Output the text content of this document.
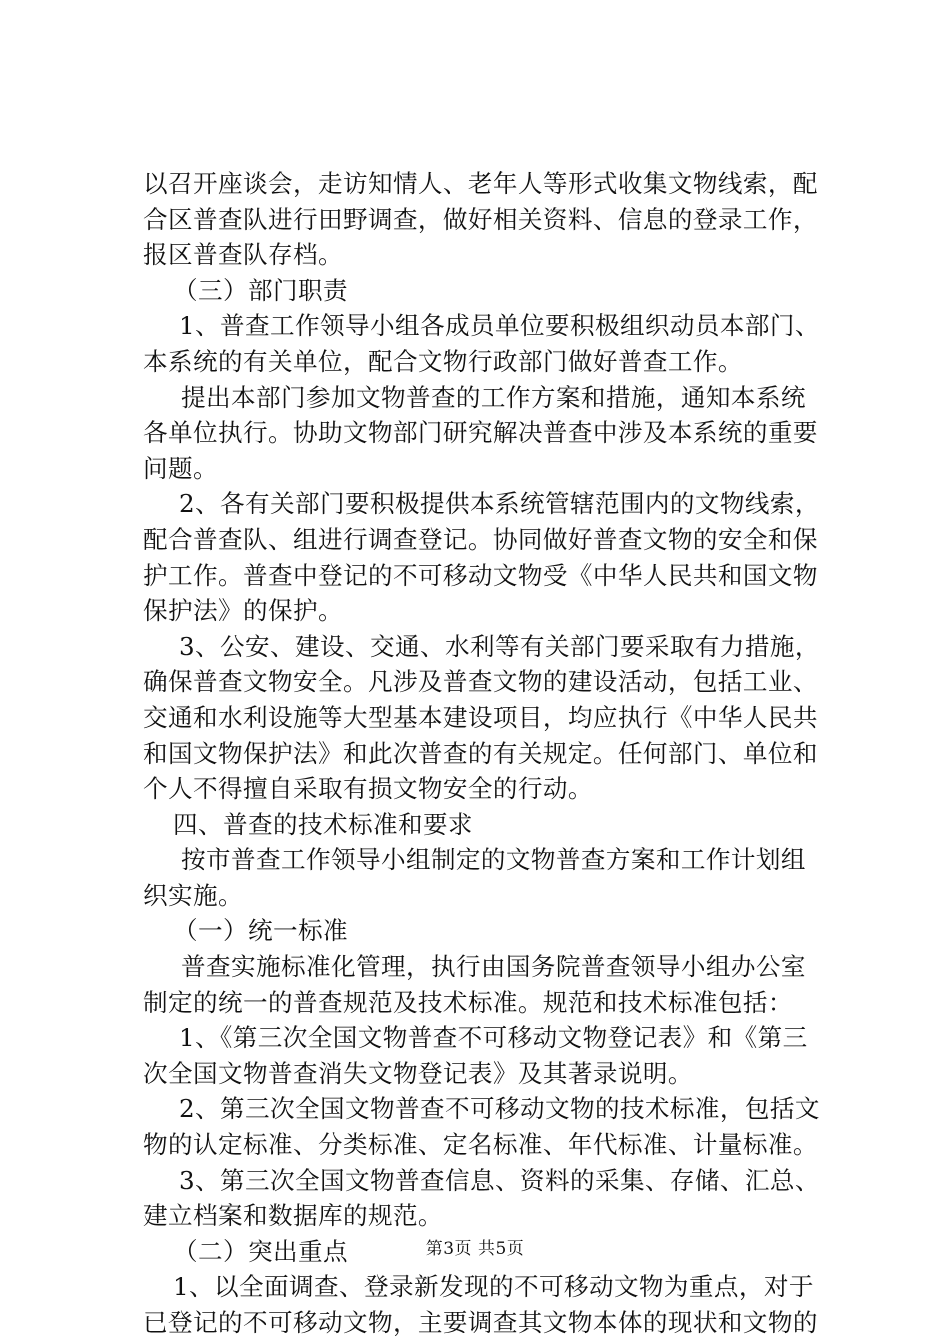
以召开座谈会，走访知情人、老年人等形式收集文物线索，配
合区普查队进行田野调查，做好相关资料、信息的登录工作，
报区普查队存档。
（三）部门职责
1、普查工作领导小组各成员单位要积极组织动员本部门、
本系统的有关单位，配合文物行政部门做好普查工作。
提出本部门参加文物普查的工作方案和措施，通知本系统
各单位执行。协助文物部门研究解决普查中涉及本系统的重要
问题。
2、各有关部门要积极提供本系统管辖范围内的文物线索，
配合普查队、组进行调查登记。协同做好普查文物的安全和保
护工作。普查中登记的不可移动文物受《中华人民共和国文物
保护法》的保护。
3、公安、建设、交通、水利等有关部门要采取有力措施，
确保普查文物安全。凡涉及普查文物的建设活动，包括工业、
交通和水利设施等大型基本建设项目，均应执行《中华人民共
和国文物保护法》和此次普查的有关规定。任何部门、单位和
个人不得擅自采取有损文物安全的行动。
四、普查的技术标准和要求
按市普查工作领导小组制定的文物普查方案和工作计划组
织实施。
（一）统一标准
普查实施标准化管理，执行由国务院普查领导小组办公室
制定的统一的普查规范及技术标准。规范和技术标准包括：
1、《第三次全国文物普查不可移动文物登记表》和《第三
次全国文物普查消失文物登记表》及其著录说明。
2、第三次全国文物普查不可移动文物的技术标准，包括文
物的认定标准、分类标准、定名标准、年代标准、计量标准。
3、第三次全国文物普查信息、资料的采集、存储、汇总、
建立档案和数据库的规范。
（二）突出重点
1、以全面调查、登录新发现的不可移动文物为重点，对于
已登记的不可移动文物，主要调查其文物本体的现状和文物的
第3页 共5页
